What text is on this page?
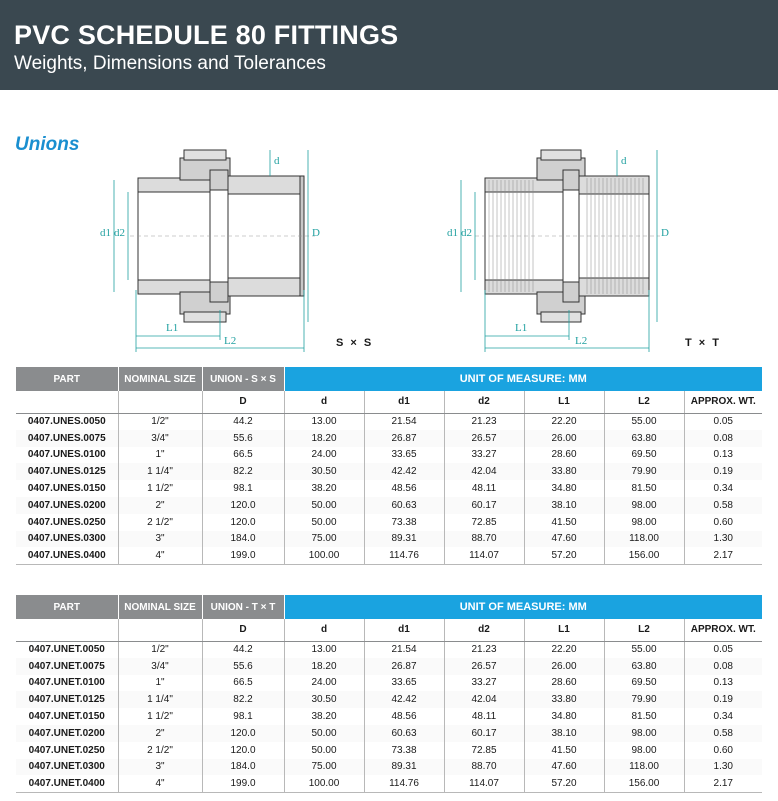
PVC SCHEDULE 80 FITTINGS
Weights, Dimensions and Tolerances
Unions
d
D
d1 d2
L1
L2	S × S
d
D
d1 d2
L1
L2	T × T
PART	NOMINAL SIZE	UNION - S × S	UNIT OF MEASURE: MM					
		D	d	d1	d2	L1	L2	APPROX. WT.
0407.UNES.0050	1/2"	44.2	13.00	21.54	21.23	22.20	55.00	0.05
0407.UNES.0075	3/4"	55.6	18.20	26.87	26.57	26.00	63.80	0.08
0407.UNES.0100	1"	66.5	24.00	33.65	33.27	28.60	69.50	0.13
0407.UNES.0125	1 1/4"	82.2	30.50	42.42	42.04	33.80	79.90	0.19
0407.UNES.0150	1 1/2"	98.1	38.20	48.56	48.11	34.80	81.50	0.34
0407.UNES.0200	2"	120.0	50.00	60.63	60.17	38.10	98.00	0.58
0407.UNES.0250	2 1/2"	120.0	50.00	73.38	72.85	41.50	98.00	0.60
0407.UNES.0300	3"	184.0	75.00	89.31	88.70	47.60	118.00	1.30
0407.UNES.0400	4"	199.0	100.00	114.76	114.07	57.20	156.00	2.17
PART	NOMINAL SIZE	UNION - T × T	UNIT OF MEASURE: MM					
		D	d	d1	d2	L1	L2	APPROX. WT.
0407.UNET.0050	1/2"	44.2	13.00	21.54	21.23	22.20	55.00	0.05
0407.UNET.0075	3/4"	55.6	18.20	26.87	26.57	26.00	63.80	0.08
0407.UNET.0100	1"	66.5	24.00	33.65	33.27	28.60	69.50	0.13
0407.UNET.0125	1 1/4"	82.2	30.50	42.42	42.04	33.80	79.90	0.19
0407.UNET.0150	1 1/2"	98.1	38.20	48.56	48.11	34.80	81.50	0.34
0407.UNET.0200	2"	120.0	50.00	60.63	60.17	38.10	98.00	0.58
0407.UNET.0250	2 1/2"	120.0	50.00	73.38	72.85	41.50	98.00	0.60
0407.UNET.0300	3"	184.0	75.00	89.31	88.70	47.60	118.00	1.30
0407.UNET.0400	4"	199.0	100.00	114.76	114.07	57.20	156.00	2.17
